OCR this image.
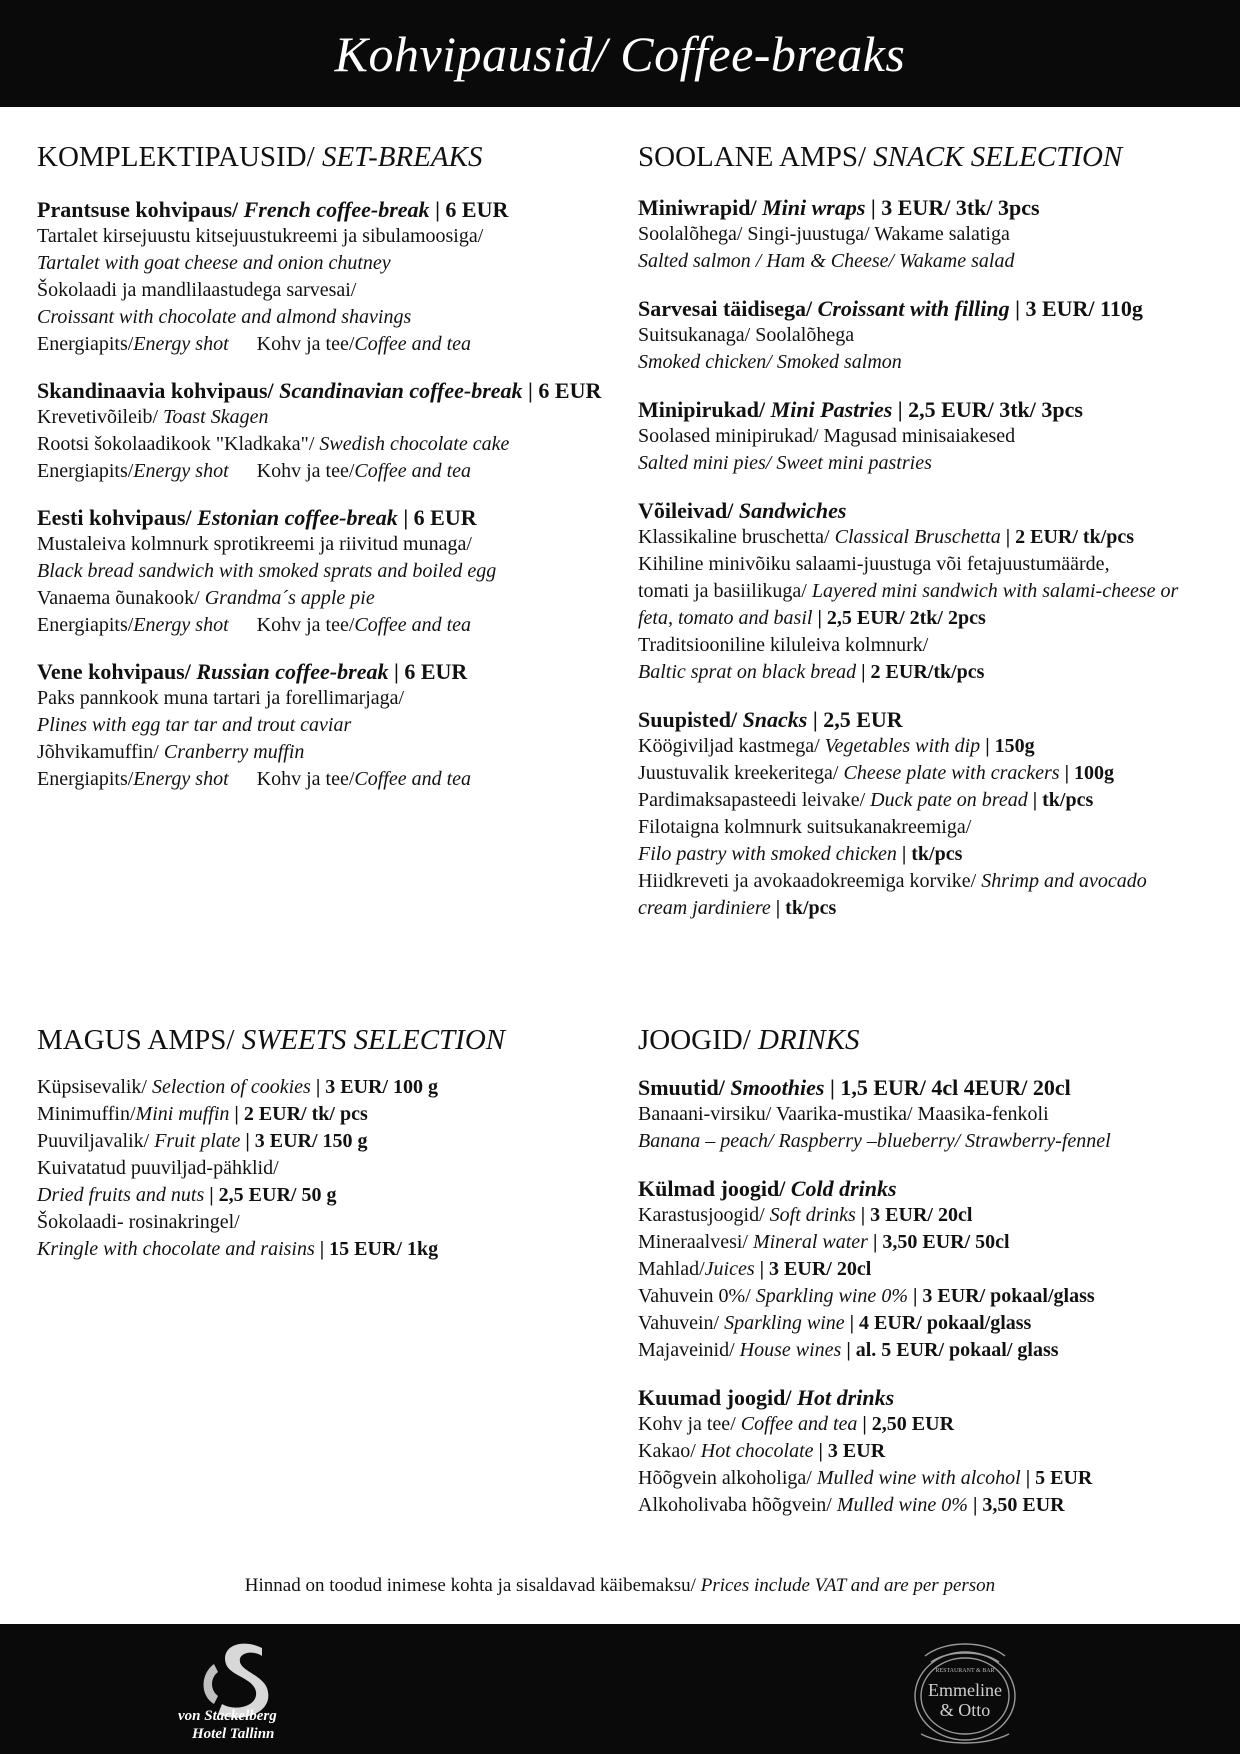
Kohvipausid/ Coffee-breaks
KOMPLEKTIPAUSID/ SET-BREAKS
Prantsuse kohvipaus/ French coffee-break | 6 EUR
Tartalet kirsejuustu kitsejuustukreemi ja sibulamoosiga/
Tartalet with goat cheese and onion chutney
Šokolaadi ja mandlilaastudega sarvesai/
Croissant with chocolate and almond shavings
Energiapits/Energy shot Kohv ja tee/Coffee and tea
Skandinaavia kohvipaus/ Scandinavian coffee-break | 6 EUR
Krevetivõileib/ Toast Skagen
Rootsi šokolaadikook "Kladkaka"/ Swedish chocolate cake
Energiapits/Energy shot Kohv ja tee/Coffee and tea
Eesti kohvipaus/ Estonian coffee-break | 6 EUR
Mustaleiva kolmnurk sprotikreemi ja riivitud munaga/
Black bread sandwich with smoked sprats and boiled egg
Vanaema õunakook/ Grandma´s apple pie
Energiapits/Energy shot Kohv ja tee/Coffee and tea
Vene kohvipaus/ Russian coffee-break | 6 EUR
Paks pannkook muna tartari ja forellimarjaga/
Plines with egg tar tar and trout caviar
Jõhvikamuffin/ Cranberry muffin
Energiapits/Energy shot Kohv ja tee/Coffee and tea
MAGUS AMPS/ SWEETS SELECTION
Küpsisevalik/ Selection of cookies | 3 EUR/ 100 g
Minimuffin/Mini muffin | 2 EUR/ tk/ pcs
Puuviljavalik/ Fruit plate | 3 EUR/ 150 g
Kuivatatud puuviljad-pähklid/
Dried fruits and nuts | 2,5 EUR/ 50 g
Šokolaadi- rosinakringel/
Kringle with chocolate and raisins | 15 EUR/ 1kg
SOOLANE AMPS/ SNACK SELECTION
Miniwrapid/ Mini wraps | 3 EUR/ 3tk/ 3pcs
Soolalõhega/ Singi-juustuga/ Wakame salatiga
Salted salmon / Ham & Cheese/ Wakame salad
Sarvesai täidisega/ Croissant with filling | 3 EUR/ 110g
Suitsukanaga/ Soolalõhega
Smoked chicken/ Smoked salmon
Minipirukad/ Mini Pastries | 2,5 EUR/ 3tk/ 3pcs
Soolased minipirukad/ Magusad minisaiakesed
Salted mini pies/ Sweet mini pastries
Võileivad/ Sandwiches
Klassikaline bruschetta/ Classical Bruschetta | 2 EUR/ tk/pcs
Kihiline minivõiku salaami-juustuga või fetajuustumäärde,
tomati ja basiilikuga/ Layered mini sandwich with salami-cheese or
feta, tomato and basil | 2,5 EUR/ 2tk/ 2pcs
Traditsiooniline kiluleiva kolmnurk/
Baltic sprat on black bread | 2 EUR/tk/pcs
Suupisted/ Snacks | 2,5 EUR
Köögiviljad kastmega/ Vegetables with dip | 150g
Juustuvalik kreekeritega/ Cheese plate with crackers | 100g
Pardimaksapasteedi leivake/ Duck pate on bread | tk/pcs
Filotaigna kolmnurk suitsukanakreemiga/
Filo pastry with smoked chicken | tk/pcs
Hiidkreveti ja avokaadokreemiga korvike/ Shrimp and avocado
cream jardiniere | tk/pcs
JOOGID/ DRINKS
Smuutid/ Smoothies | 1,5 EUR/ 4cl 4EUR/ 20cl
Banaani-virsiku/ Vaarika-mustika/ Maasika-fenkoli
Banana – peach/ Raspberry –blueberry/ Strawberry-fennel
Külmad joogid/ Cold drinks
Karastusjoogid/ Soft drinks | 3 EUR/ 20cl
Mineraalvesi/ Mineral water | 3,50 EUR/ 50cl
Mahlad/Juices | 3 EUR/ 20cl
Vahuvein 0%/ Sparkling wine 0% | 3 EUR/ pokaal/glass
Vahuvein/ Sparkling wine | 4 EUR/ pokaal/glass
Majaveinid/ House wines | al. 5 EUR/ pokaal/ glass
Kuumad joogid/ Hot drinks
Kohv ja tee/ Coffee and tea | 2,50 EUR
Kakao/ Hot chocolate | 3 EUR
Hõõgvein alkoholiga/ Mulled wine with alcohol | 5 EUR
Alkoholivaba hõõgvein/ Mulled wine 0% | 3,50 EUR
Hinnad on toodud inimese kohta ja sisaldavad käibemaksu/ Prices include VAT and are per person
von Stackelberg
Hotel Tallinn
RESTAURANT & BAR
Emmeline
& Otto
